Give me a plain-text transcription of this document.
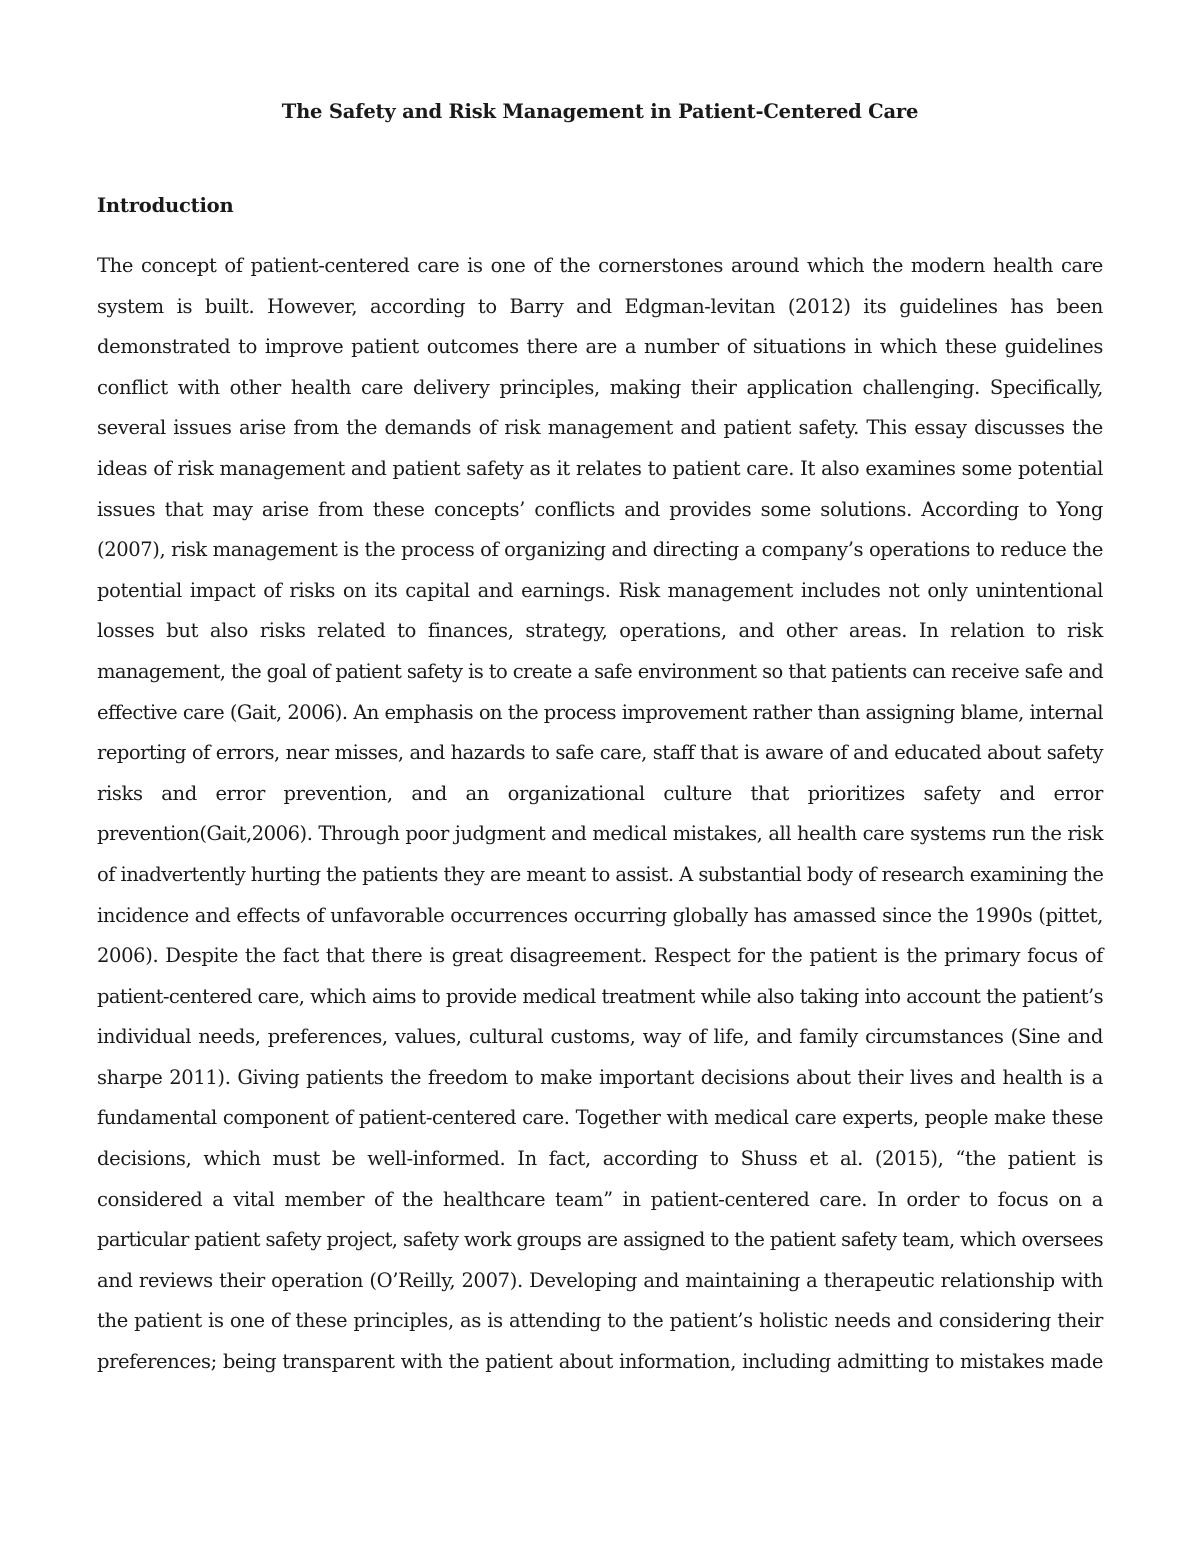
The Safety and Risk Management in Patient-Centered Care
Introduction
The concept of patient-centered care is one of the cornerstones around which the modern health care
system is built. However, according to Barry and Edgman-levitan (2012) its guidelines has been
demonstrated to improve patient outcomes there are a number of situations in which these guidelines
conflict with other health care delivery principles, making their application challenging. Specifically,
several issues arise from the demands of risk management and patient safety. This essay discusses the
ideas of risk management and patient safety as it relates to patient care. It also examines some potential
issues that may arise from these concepts’ conflicts and provides some solutions. According to Yong
(2007), risk management is the process of organizing and directing a company’s operations to reduce the
potential impact of risks on its capital and earnings. Risk management includes not only unintentional
losses but also risks related to finances, strategy, operations, and other areas. In relation to risk
management, the goal of patient safety is to create a safe environment so that patients can receive safe and
effective care (Gait, 2006). An emphasis on the process improvement rather than assigning blame, internal
reporting of errors, near misses, and hazards to safe care, staff that is aware of and educated about safety
risks and error prevention, and an organizational culture that prioritizes safety and error
prevention(Gait,2006). Through poor judgment and medical mistakes, all health care systems run the risk
of inadvertently hurting the patients they are meant to assist. A substantial body of research examining the
incidence and effects of unfavorable occurrences occurring globally has amassed since the 1990s (pittet,
2006). Despite the fact that there is great disagreement. Respect for the patient is the primary focus of
patient-centered care, which aims to provide medical treatment while also taking into account the patient’s
individual needs, preferences, values, cultural customs, way of life, and family circumstances (Sine and
sharpe 2011). Giving patients the freedom to make important decisions about their lives and health is a
fundamental component of patient-centered care. Together with medical care experts, people make these
decisions, which must be well-informed. In fact, according to Shuss et al. (2015), “the patient is
considered a vital member of the healthcare team” in patient-centered care. In order to focus on a
particular patient safety project, safety work groups are assigned to the patient safety team, which oversees
and reviews their operation (O’Reilly, 2007). Developing and maintaining a therapeutic relationship with
the patient is one of these principles, as is attending to the patient’s holistic needs and considering their
preferences; being transparent with the patient about information, including admitting to mistakes made
